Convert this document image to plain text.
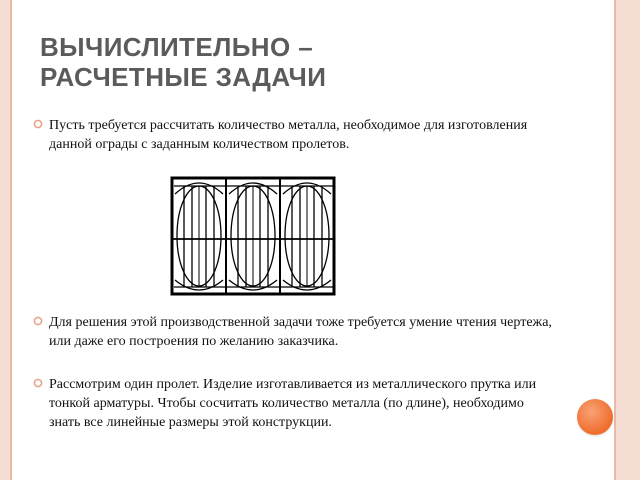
ВЫЧИСЛИТЕЛЬНО –
РАСЧЕТНЫЕ ЗАДАЧИ
Пусть требуется рассчитать количество металла, необходимое для изготовления данной ограды с заданным количеством пролетов.
Для решения этой производственной задачи тоже требуется умение чтения чертежа, или даже его построения по желанию заказчика.
Рассмотрим один пролет. Изделие изготавливается из металлического прутка или тонкой арматуры. Чтобы сосчитать количество металла (по длине), необходимо знать все линейные размеры этой конструкции.
